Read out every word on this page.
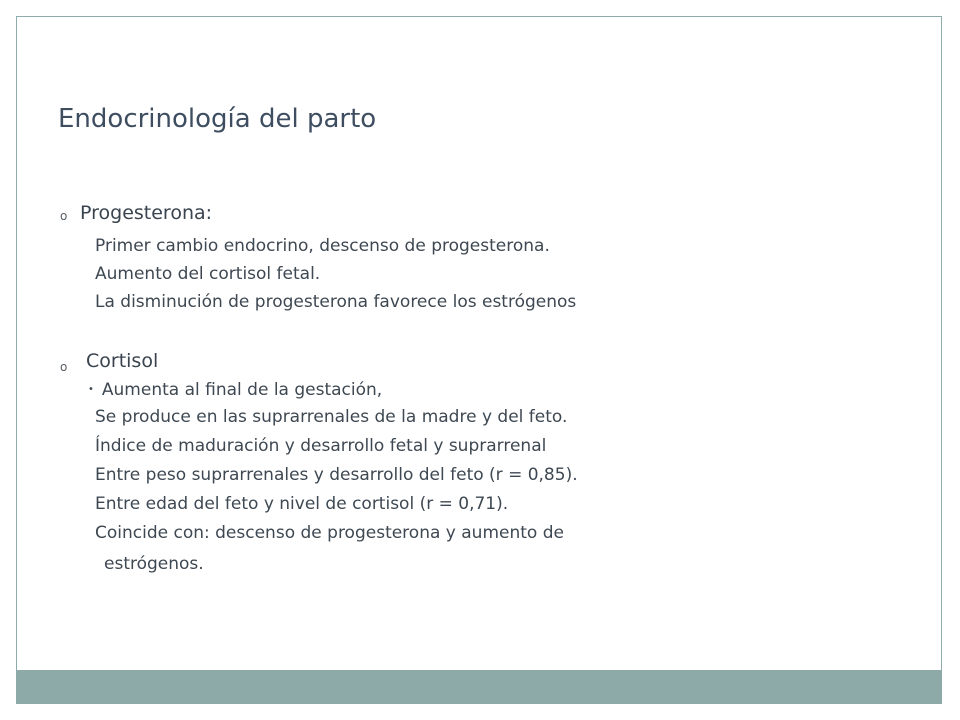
Endocrinología del parto
o Progesterona:
Primer cambio endocrino, descenso de progesterona.
Aumento del cortisol fetal.
La disminución de progesterona favorece los estrógenos
o Cortisol
• Aumenta al final de la gestación,
Se produce en las suprarrenales de la madre y del feto.
Índice de maduración y desarrollo fetal y suprarrenal
Entre peso suprarrenales y desarrollo del feto (r = 0,85).
Entre edad del feto y nivel de cortisol (r = 0,71).
Coincide con: descenso de progesterona y aumento de
estrógenos.
